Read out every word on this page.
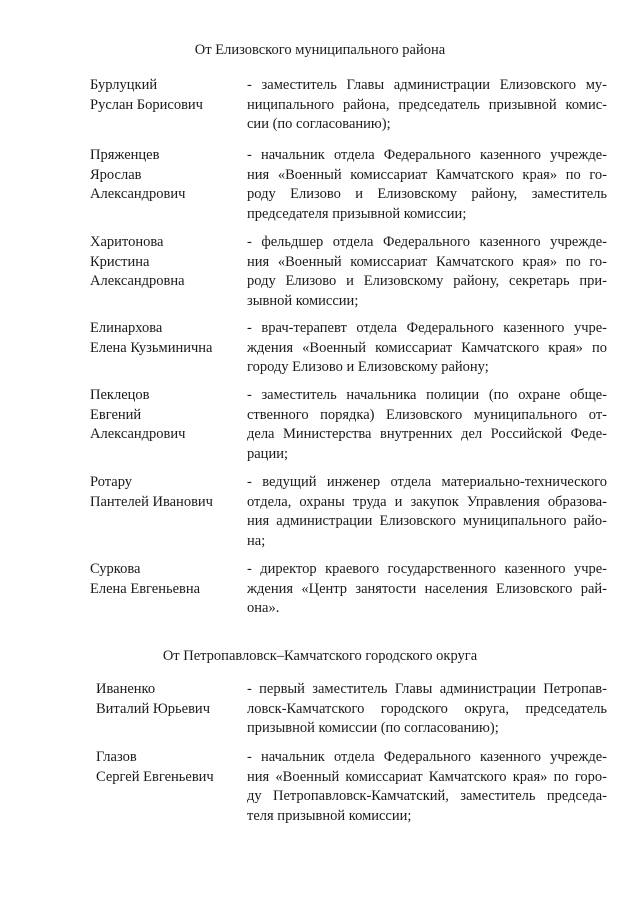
От Елизовского муниципального района
Бурлуцкий
Руслан Борисович
- заместитель Главы администрации Елизовского му-
ниципального района, председатель призывной комис-
сии (по согласованию);
Пряженцев
Ярослав
Александрович
- начальник отдела Федерального казенного учрежде-
ния «Военный комиссариат Камчатского края» по го-
роду Елизово и Елизовскому району, заместитель
председателя призывной комиссии;
Харитонова
Кристина
Александровна
- фельдшер отдела Федерального казенного учрежде-
ния «Военный комиссариат Камчатского края» по го-
роду Елизово и Елизовскому району, секретарь при-
зывной комиссии;
Елинархова
Елена Кузьминична
- врач-терапевт отдела Федерального казенного учре-
ждения «Военный комиссариат Камчатского края» по
городу Елизово и Елизовскому району;
Пеклецов
Евгений
Александрович
- заместитель начальника полиции (по охране обще-
ственного порядка) Елизовского муниципального от-
дела Министерства внутренних дел Российской Феде-
рации;
Ротару
Пантелей Иванович
- ведущий инженер отдела материально-технического
отдела, охраны труда и закупок Управления образова-
ния администрации Елизовского муниципального райо-
на;
Суркова
Елена Евгеньевна
- директор краевого государственного казенного учре-
ждения «Центр занятости населения Елизовского рай-
она».
От Петропавловск–Камчатского городского округа
Иваненко
Виталий Юрьевич
- первый заместитель Главы администрации Петропав-
ловск-Камчатского городского округа, председатель
призывной комиссии (по согласованию);
Глазов
Сергей Евгеньевич
- начальник отдела Федерального казенного учрежде-
ния «Военный комиссариат Камчатского края» по горо-
ду Петропавловск-Камчатский, заместитель председа-
теля призывной комиссии;
